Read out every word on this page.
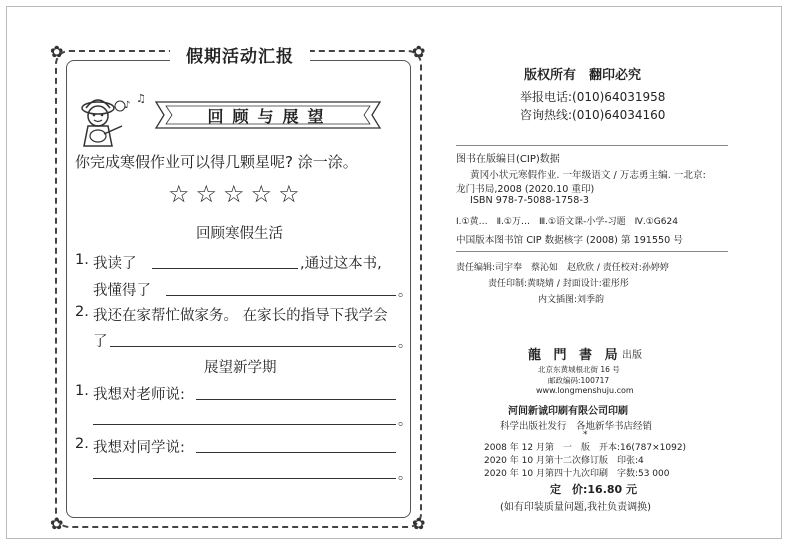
✿	✿
✿	✿
假期活动汇报
♪
♫
回顾与展望
你完成寒假作业可以得几颗星呢? 涂一涂。
☆☆☆☆☆
回顾寒假生活
1. 我读了	,通过这本书,
我懂得了	。
2. 我还在家帮忙做家务。 在家长的指导下我学会
了	。
展望新学期
1. 我想对老师说:
。
2. 我想对同学说:
。
版权所有　翻印必究
举报电话:(010)64031958
咨询热线:(010)64034160
图书在版编目(CIP)数据
黄冈小状元寒假作业. 一年级语文 / 万志勇主编. 一北京:
龙门书局,2008 (2020.10 重印)
ISBN 978-7-5088-1758-3
Ⅰ.①黄…　Ⅱ.①万…　Ⅲ.①语文课-小学-习题　Ⅳ.①G624
中国版本图书馆 CIP 数据核字 (2008) 第 191550 号
责任编辑:司宇奉　蔡沁如　赵欣欣 / 责任校对:孙婷婷
责任印制:黄晓婧 / 封面设计:霍彤彤
内文插图:刘季韵
龍 門 書 局 出版
北京东黄城根北街 16 号
邮政编码:100717
www.longmenshuju.com
河间新诚印刷有限公司印刷
科学出版社发行　各地新华书店经销
*
2008 年 12 月第　一　版　开本:16(787×1092)
2020 年 10 月第十二次修订版　印张:4
2020 年 10 月第四十九次印刷　字数:53 000
定　价:16.80 元
(如有印装质量问题,我社负责调换)
